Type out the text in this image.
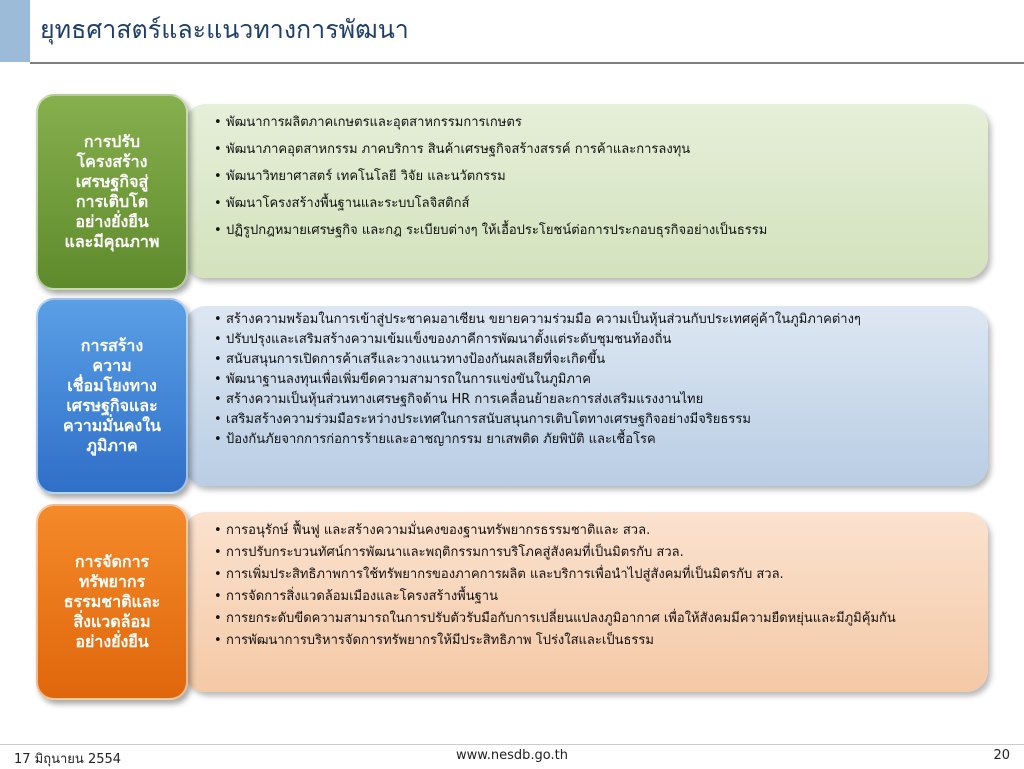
ยุทธศาสตร์และแนวทางการพัฒนา
• พัฒนาการผลิตภาคเกษตรและอุตสาหกรรมการเกษตร
• พัฒนาภาคอุตสาหกรรม ภาคบริการ สินค้าเศรษฐกิจสร้างสรรค์ การค้าและการลงทุน
• พัฒนาวิทยาศาสตร์ เทคโนโลยี วิจัย และนวัตกรรม
• พัฒนาโครงสร้างพื้นฐานและระบบโลจิสติกส์
• ปฏิรูปกฎหมายเศรษฐกิจ และกฎ ระเบียบต่างๆ ให้เอื้อประโยชน์ต่อการประกอบธุรกิจอย่างเป็นธรรม
การปรับ
โครงสร้าง
เศรษฐกิจสู่
การเติบโต
อย่างยั่งยืน
และมีคุณภาพ
• สร้างความพร้อมในการเข้าสู่ประชาคมอาเซียน ขยายความร่วมมือ ความเป็นหุ้นส่วนกับประเทศคู่ค้าในภูมิภาคต่างๆ
• ปรับปรุงและเสริมสร้างความเข้มแข็งของภาคีการพัฒนาตั้งแต่ระดับชุมชนท้องถิ่น
• สนับสนุนการเปิดการค้าเสรีและวางแนวทางป้องกันผลเสียที่จะเกิดขึ้น
• พัฒนาฐานลงทุนเพื่อเพิ่มขีดความสามารถในการแข่งขันในภูมิภาค
• สร้างความเป็นหุ้นส่วนทางเศรษฐกิจด้าน HR การเคลื่อนย้ายละการส่งเสริมแรงงานไทย
• เสริมสร้างความร่วมมือระหว่างประเทศในการสนับสนุนการเติบโตทางเศรษฐกิจอย่างมีจริยธรรม
• ป้องกันภัยจากการก่อการร้ายและอาชญากรรม ยาเสพติด ภัยพิบัติ และเชื้อโรค
การสร้าง
ความ
เชื่อมโยงทาง
เศรษฐกิจและ
ความมั่นคงใน
ภูมิภาค
• การอนุรักษ์ ฟื้นฟู และสร้างความมั่นคงของฐานทรัพยากรธรรมชาติและ สวล.
• การปรับกระบวนทัศน์การพัฒนาและพฤติกรรมการบริโภคสู่สังคมที่เป็นมิตรกับ สวล.
• การเพิ่มประสิทธิภาพการใช้ทรัพยากรของภาคการผลิต และบริการเพื่อนำไปสู่สังคมที่เป็นมิตรกับ สวล.
• การจัดการสิ่งแวดล้อมเมืองและโครงสร้างพื้นฐาน
• การยกระดับขีดความสามารถในการปรับตัวรับมือกับการเปลี่ยนแปลงภูมิอากาศ เพื่อให้สังคมมีความยืดหยุ่นและมีภูมิคุ้มกัน
• การพัฒนาการบริหารจัดการทรัพยากรให้มีประสิทธิภาพ โปร่งใสและเป็นธรรม
การจัดการ
ทรัพยากร
ธรรมชาติและ
สิ่งแวดล้อม
อย่างยั่งยืน
17 มิถุนายน 2554	www.nesdb.go.th	20
